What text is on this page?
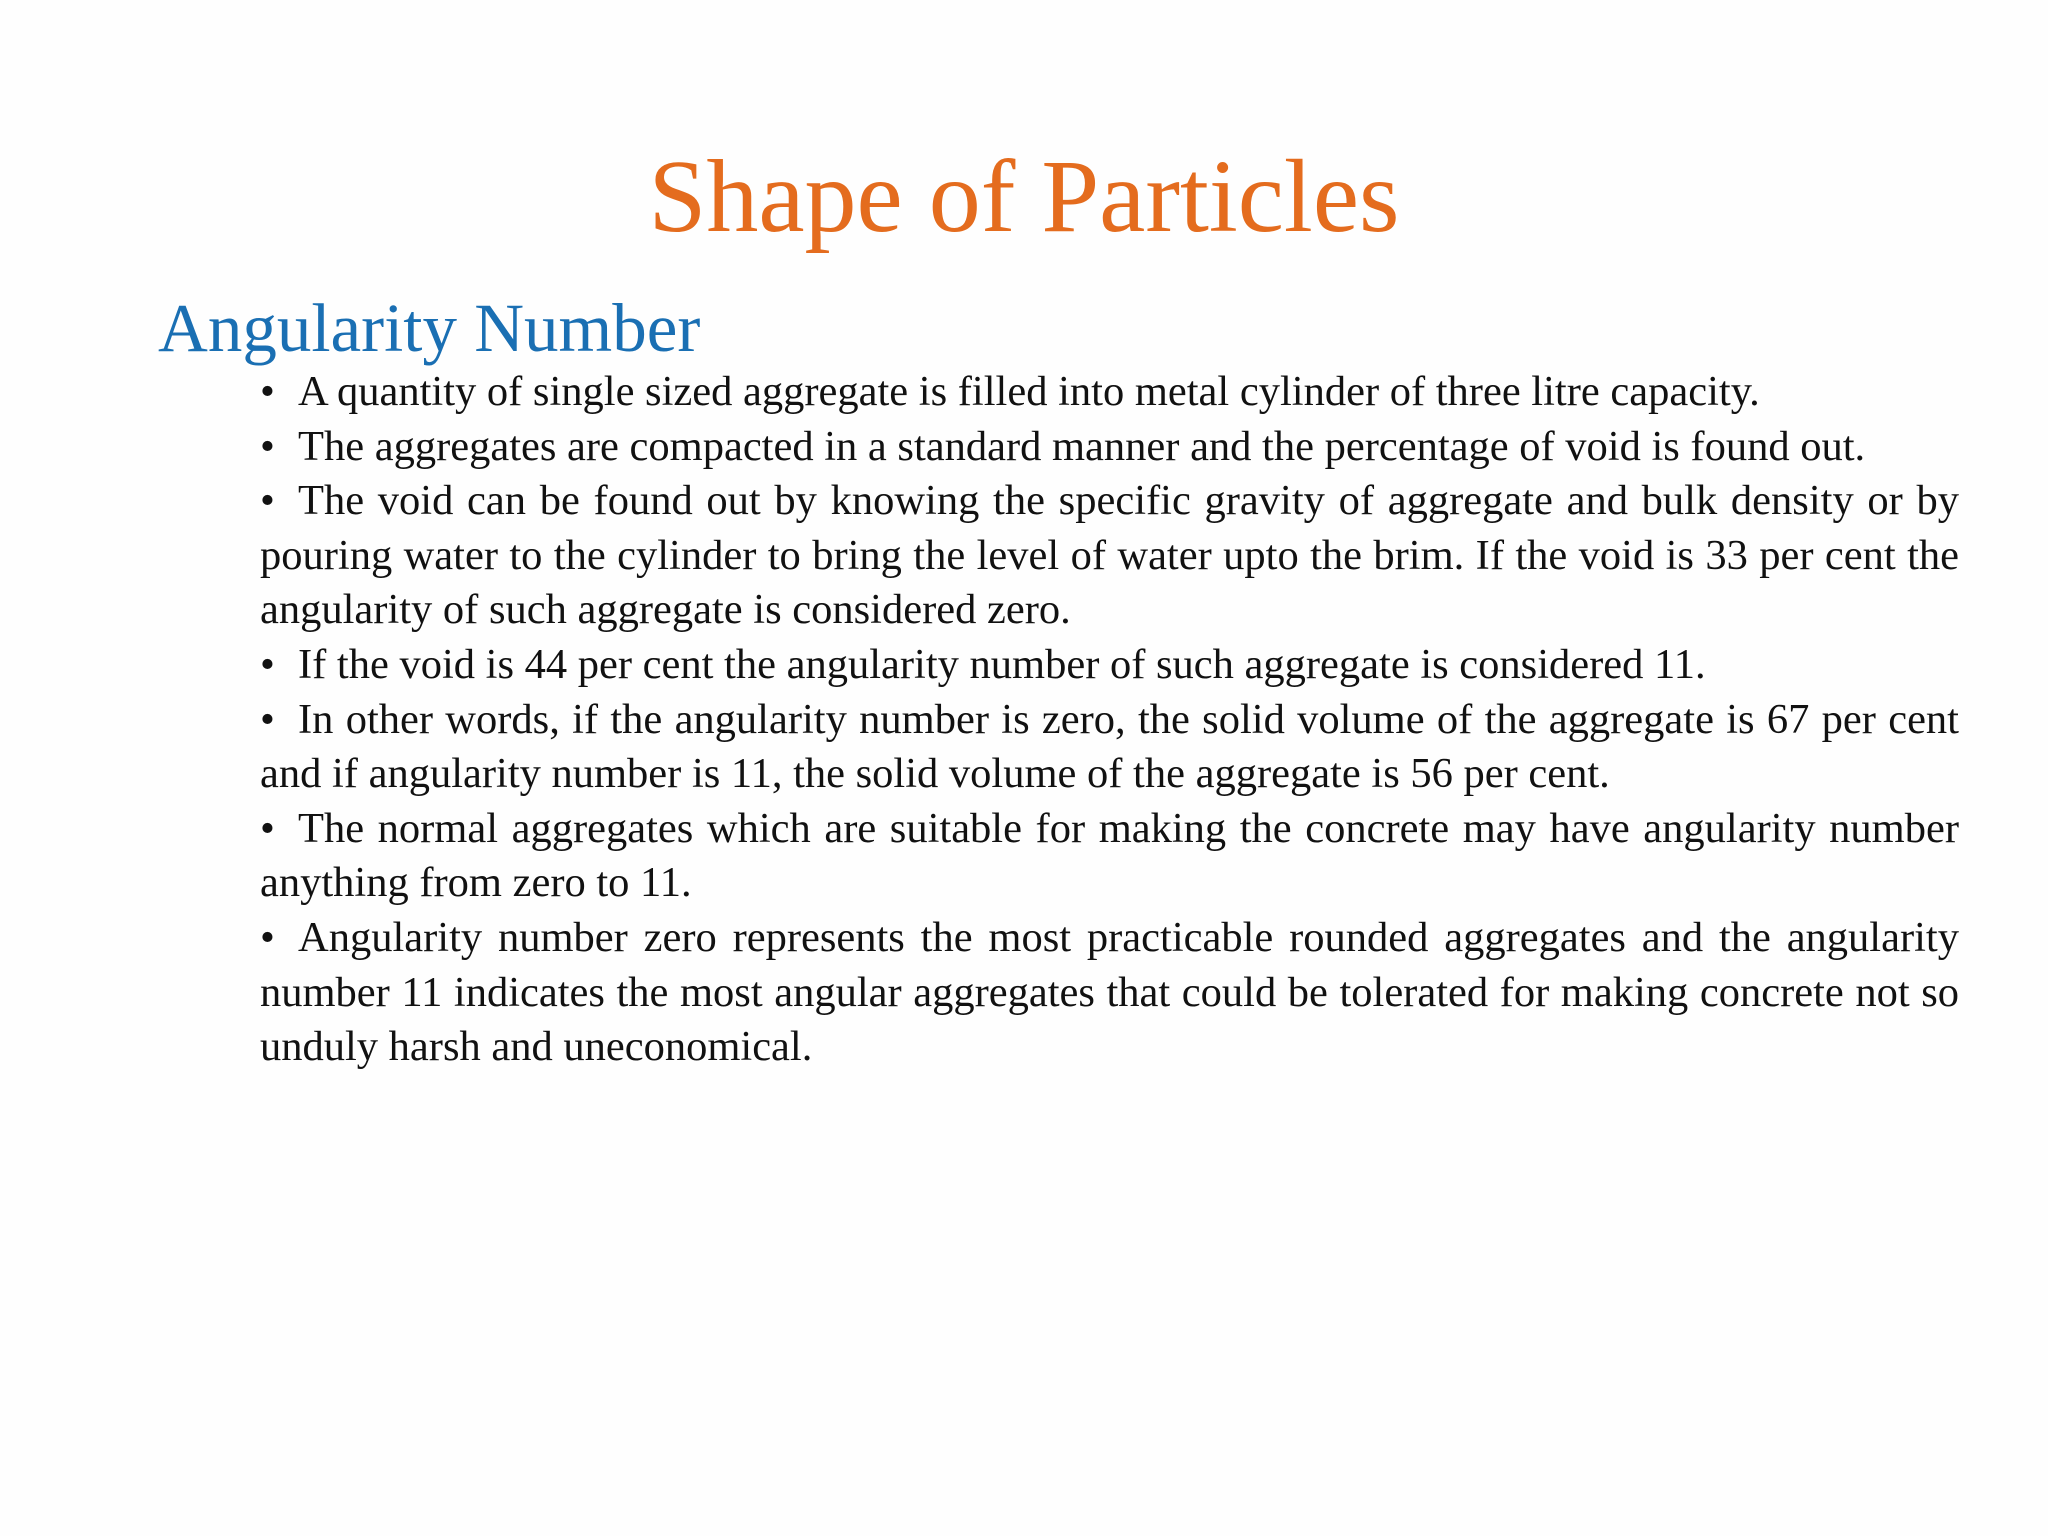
Shape of Particles
Angularity Number
• A quantity of single sized aggregate is filled into metal cylinder of three litre capacity.
• The aggregates are compacted in a standard manner and the percentage of void is found out.
• The void can be found out by knowing the specific gravity of aggregate and bulk density or by pouring water to the cylinder to bring the level of water upto the brim. If the void is 33 per cent the angularity of such aggregate is considered zero.
• If the void is 44 per cent the angularity number of such aggregate is considered 11.
• In other words, if the angularity number is zero, the solid volume of the aggregate is 67 per cent and if angularity number is 11, the solid volume of the aggregate is 56 per cent.
• The normal aggregates which are suitable for making the concrete may have angularity number anything from zero to 11.
• Angularity number zero represents the most practicable rounded aggregates and the angularity number 11 indicates the most angular aggregates that could be tolerated for making concrete not so unduly harsh and uneconomical.
